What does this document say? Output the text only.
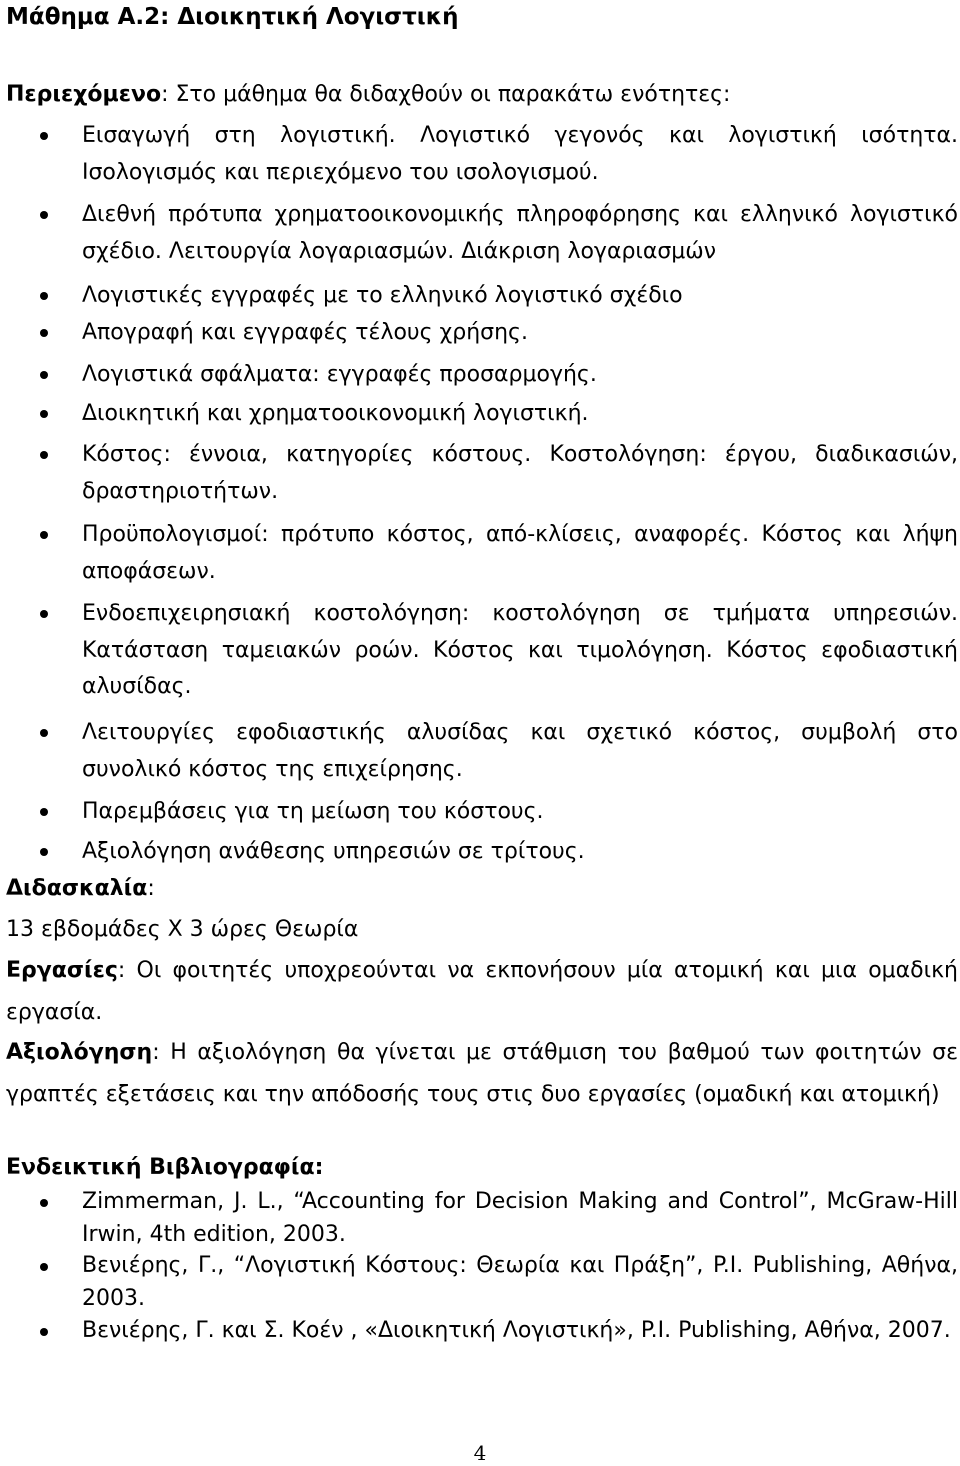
Μάθημα Α.2: Διοικητική Λογιστική
Περιεχόμενο: Στο μάθημα θα διδαχθούν οι παρακάτω ενότητες:
Εισαγωγή στη λογιστική. Λογιστικό γεγονός και λογιστική ισότητα. Ισολογισμός και περιεχόμενο του ισολογισμού.
Διεθνή πρότυπα χρηματοοικονομικής πληροφόρησης και ελληνικό λογιστικό σχέδιο. Λειτουργία λογαριασμών. Διάκριση λογαριασμών
Λογιστικές εγγραφές με το ελληνικό λογιστικό σχέδιο
Απογραφή και εγγραφές τέλους χρήσης.
Λογιστικά σφάλματα: εγγραφές προσαρμογής.
Διοικητική και χρηματοοικονομική λογιστική.
Κόστος: έννοια, κατηγορίες κόστους. Κοστολόγηση: έργου, διαδικασιών, δραστηριοτήτων.
Προϋπολογισμοί: πρότυπο κόστος, από-κλίσεις, αναφορές. Κόστος και λήψη αποφάσεων.
Ενδοεπιχειρησιακή κοστολόγηση: κοστολόγηση σε τμήματα υπηρεσιών. Κατάσταση ταμειακών ροών. Κόστος και τιμολόγηση. Κόστος εφοδιαστική αλυσίδας.
Λειτουργίες εφοδιαστικής αλυσίδας και σχετικό κόστος, συμβολή στο συνολικό κόστος της επιχείρησης.
Παρεμβάσεις για τη μείωση του κόστους.
Αξιολόγηση ανάθεσης υπηρεσιών σε τρίτους.
Διδασκαλία:
13 εβδομάδες Χ 3 ώρες Θεωρία
Εργασίες: Οι φοιτητές υποχρεούνται να εκπονήσουν μία ατομική και μια ομαδική εργασία.
Αξιολόγηση: Η αξιολόγηση θα γίνεται με στάθμιση του βαθμού των φοιτητών σε γραπτές εξετάσεις και την απόδοσής τους στις δυο εργασίες (ομαδική και ατομική)
Ενδεικτική Βιβλιογραφία:
Zimmerman, J. L., “Accounting for Decision Making and Control”, McGraw-Hill Irwin, 4th edition, 2003.
Βενιέρης, Γ., “Λογιστική Κόστους: Θεωρία και Πράξη”, P.I. Publishing, Αθήνα, 2003.
Βενιέρης, Γ. και Σ. Κοέν , «Διοικητική Λογιστική», P.I. Publishing, Αθήνα, 2007.
4
